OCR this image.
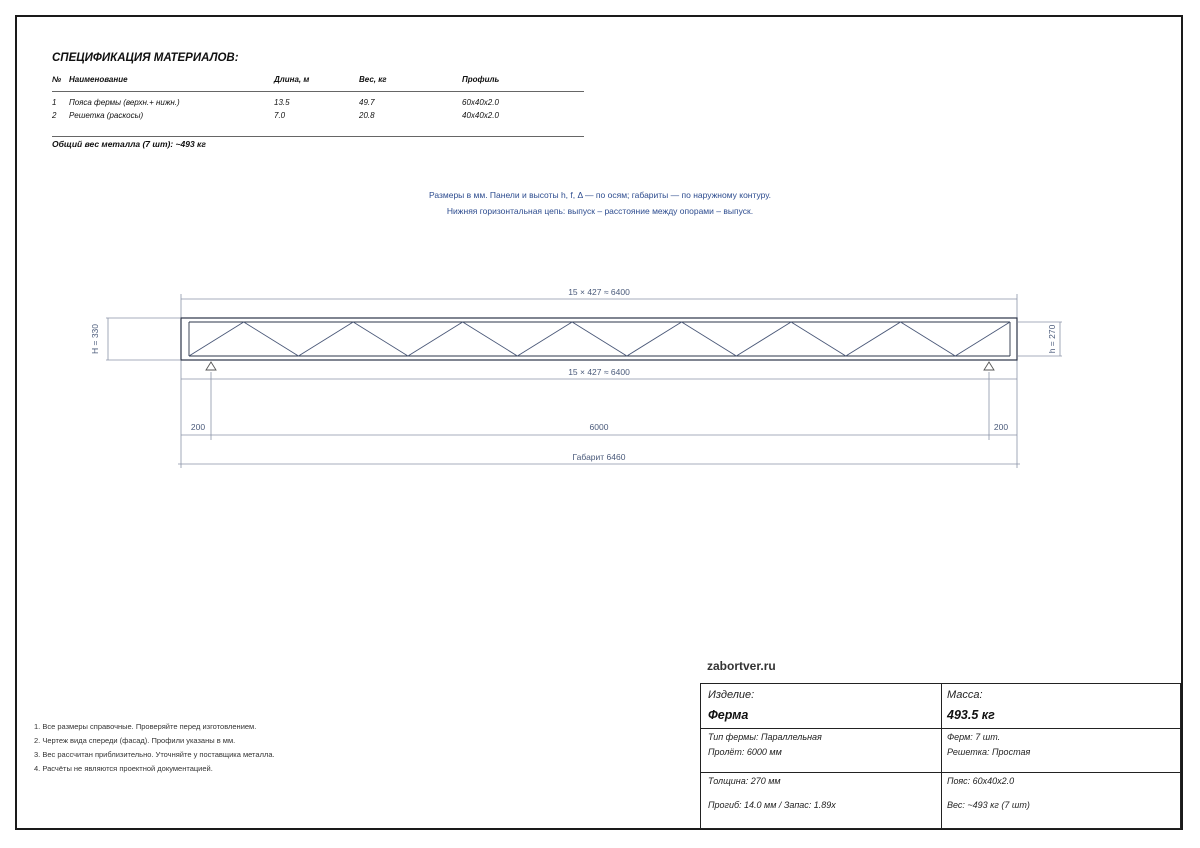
СПЕЦИФИКАЦИЯ МАТЕРИАЛОВ:
№ Наименование	Длина, м	Вес, кг	Профиль
1 Пояса фермы (верхн.+ нижн.)	13.5	49.7	60x40x2.0
2 Решетка (раскосы)	7.0	20.8	40x40x2.0
Общий вес металла (7 шт): ~493 кг
Размеры в мм. Панели и высоты h, f, Δ — по осям; габариты — по наружному контуру.
Нижняя горизонтальная цепь: выпуск – расстояние между опорами – выпуск.
15 × 427 ≈ 6400
15 × 427 ≈ 6400
H = 330	h = 270
200	6000	200
Габарит 6460
zabortver.ru
1. Все размеры справочные. Проверяйте перед изготовлением.
2. Чертеж вида спереди (фасад). Профили указаны в мм.
3. Вес рассчитан приблизительно. Уточняйте у поставщика металла.
4. Расчёты не являются проектной документацией.
Изделие:
Ферма
Масса:
493.5 кг
Тип фермы: Параллельная
Пролёт: 6000 мм
Ферм: 7 шт.
Решетка: Простая
Толщина: 270 мм	Пояс: 60x40x2.0
Прогиб: 14.0 мм / Запас: 1.89x	Вес: ~493 кг (7 шт)
